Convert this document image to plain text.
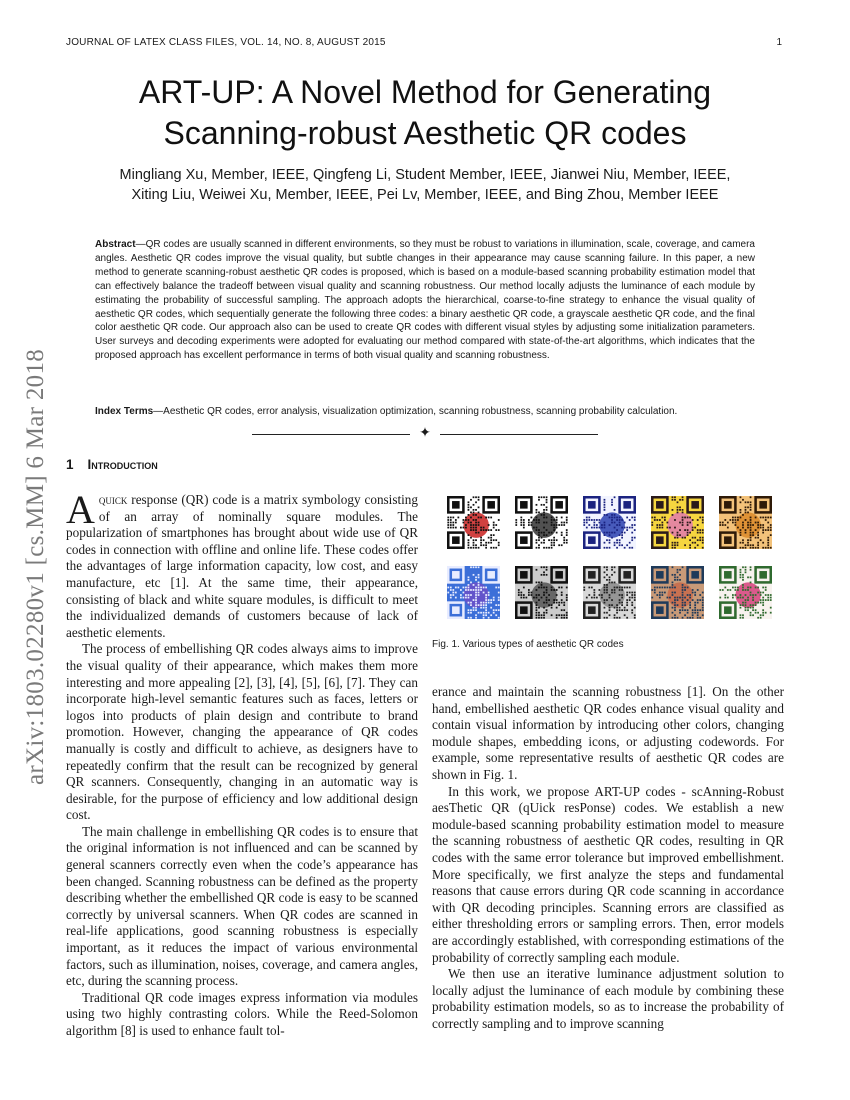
JOURNAL OF LATEX CLASS FILES, VOL. 14, NO. 8, AUGUST 2015	1
arXiv:1803.02280v1 [cs.MM] 6 Mar 2018
ART-UP: A Novel Method for Generating
Scanning-robust Aesthetic QR codes
Mingliang Xu, Member, IEEE, Qingfeng Li, Student Member, IEEE, Jianwei Niu, Member, IEEE,
Xiting Liu, Weiwei Xu, Member, IEEE, Pei Lv, Member, IEEE, and Bing Zhou, Member IEEE

Abstract—QR codes are usually scanned in different environments, so they must be robust to variations in illumination, scale, coverage, and camera angles. Aesthetic QR codes improve the visual quality, but subtle changes in their appearance may cause scanning failure. In this paper, a new method to generate scanning-robust aesthetic QR codes is proposed, which is based on a module-based scanning probability estimation model that can effectively balance the tradeoff between visual quality and scanning robustness. Our method locally adjusts the luminance of each module by estimating the probability of successful sampling. The approach adopts the hierarchical, coarse-to-fine strategy to enhance the visual quality of aesthetic QR codes, which sequentially generate the following three codes: a binary aesthetic QR code, a grayscale aesthetic QR code, and the final color aesthetic QR code. Our approach also can be used to create QR codes with different visual styles by adjusting some initialization parameters. User surveys and decoding experiments were adopted for evaluating our method compared with state-of-the-art algorithms, which indicates that the proposed approach has excellent performance in terms of both visual quality and scanning robustness.

Index Terms—Aesthetic QR codes, error analysis, visualization optimization, scanning robustness, scanning probability calculation.

✦
1 Introduction

Aquick response (QR) code is a matrix symbology consisting of an array of nominally square modules. The popularization of smartphones has brought about wide use of QR codes in connection with offline and online life. These codes offer the advantages of large information capacity, low cost, and easy manufacture, etc [1]. At the same time, their appearance, consisting of black and white square modules, is difficult to meet the individualized demands of customers because of lack of aesthetic elements.

The process of embellishing QR codes always aims to improve the visual quality of their appearance, which makes them more interesting and more appealing [2], [3], [4], [5], [6], [7]. They can incorporate high-level semantic features such as faces, letters or logos into products of plain design and contribute to brand promotion. However, changing the appearance of QR codes manually is costly and difficult to achieve, as designers have to repeatedly confirm that the result can be recognized by general QR scanners. Consequently, changing in an automatic way is desirable, for the purpose of efficiency and low additional design cost.

The main challenge in embellishing QR codes is to ensure that the original information is not influenced and can be scanned by general scanners correctly even when the code’s appearance has been changed. Scanning robustness can be defined as the property describing whether the embellished QR code is easy to be scanned correctly by universal scanners. When QR codes are scanned in real-life applications, good scanning robustness is especially important, as it reduces the impact of various environmental factors, such as illumination, noises, coverage, and camera angles, etc, during the scanning process.

Traditional QR code images express information via modules using two highly contrasting colors. While the Reed-Solomon algorithm [8] is used to enhance fault tol-

Fig. 1. Various types of aesthetic QR codes

erance and maintain the scanning robustness [1]. On the other hand, embellished aesthetic QR codes enhance visual quality and contain visual information by introducing other colors, changing module shapes, embedding icons, or adjusting codewords. For example, some representative results of aesthetic QR codes are shown in Fig. 1.

In this work, we propose ART-UP codes - scAnning-Robust aesThetic QR (qUick resPonse) codes. We establish a new module-based scanning probability estimation model to measure the scanning robustness of aesthetic QR codes, resulting in QR codes with the same error tolerance but improved embellishment. More specifically, we first analyze the steps and fundamental reasons that cause errors during QR code scanning in accordance with QR decoding principles. Scanning errors are classified as either thresholding errors or sampling errors. Then, error models are accordingly established, with corresponding estimations of the probability of correctly sampling each module.

We then use an iterative luminance adjustment solution to locally adjust the luminance of each module by combining these probability estimation models, so as to increase the probability of correctly sampling and to improve scanning
